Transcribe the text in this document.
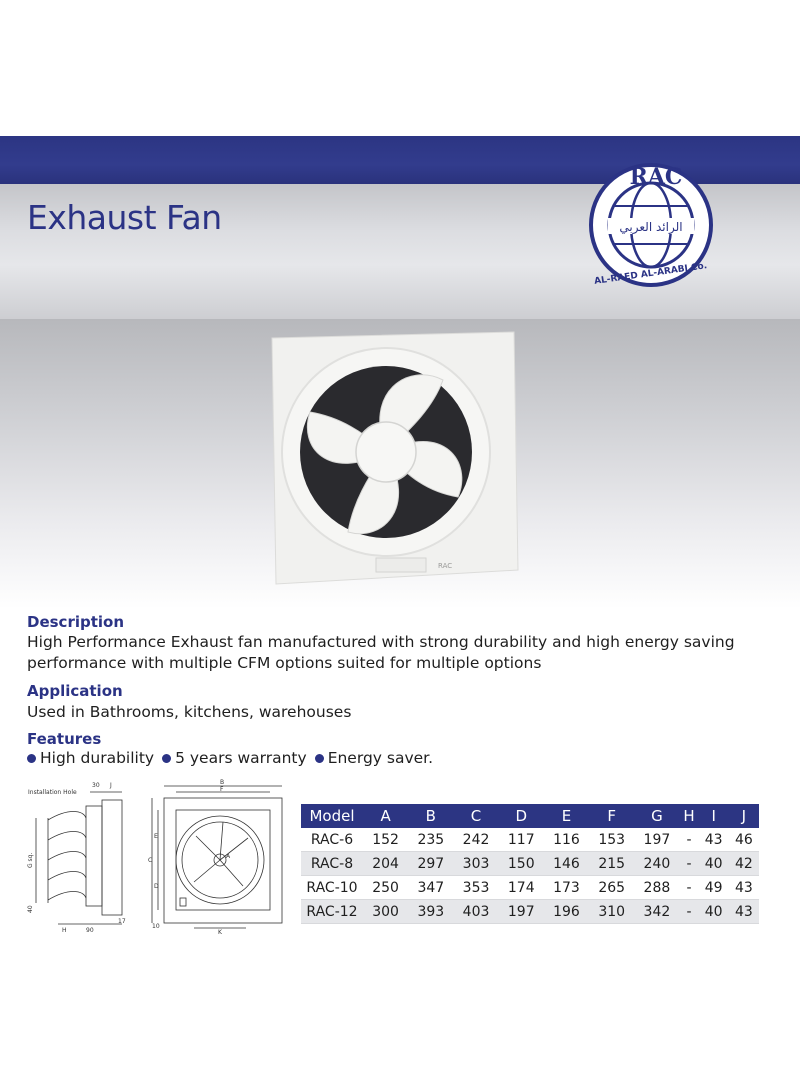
Exhaust Fan	الرائد العربي
RAC
AL-RAED AL-ARABI Co.
RAC
Description
High Performance Exhaust fan manufactured with strong durability and high energy saving
performance with multiple CFM options suited for multiple options
Application
Used in Bathrooms, kitchens, warehouses
Features
High durability 5 years warranty Energy saver.
Installation Hole
30 J
G sq.
40
H	90
17
B
F
C
E
D
A
K
10
Model	A	B	C	D	E	F	G	H	I	J
RAC-6	152	235	242	117	116	153	197	-	43	46
RAC-8	204	297	303	150	146	215	240	-	40	42
RAC-10	250	347	353	174	173	265	288	-	49	43
RAC-12	300	393	403	197	196	310	342	-	40	43
